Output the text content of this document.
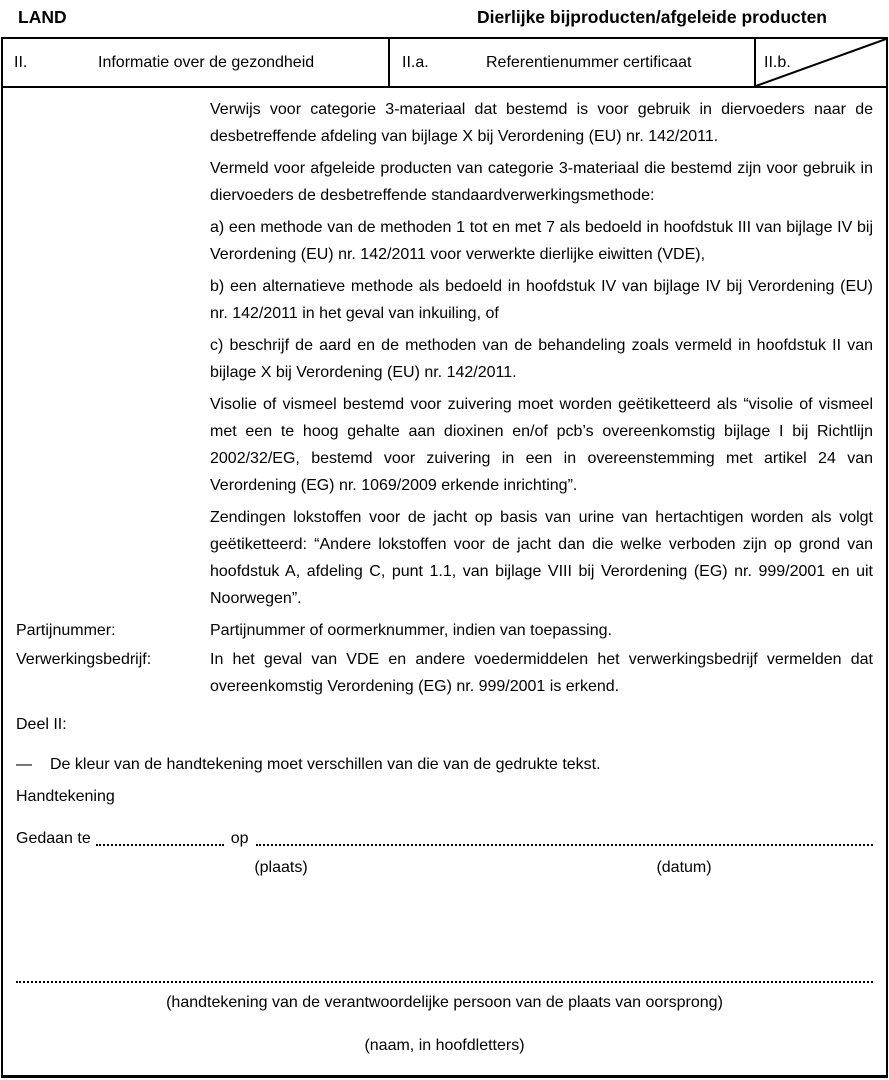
LAND	Dierlijke bijproducten/afgeleide producten
II.	Informatie over de gezondheid	II.a.	Referentienummer certificaat	II.b.

Verwijs voor categorie 3-materiaal dat bestemd is voor gebruik in diervoeders naar de desbetreffende afdeling van bijlage X bij Verordening (EU) nr. 142/2011.

Vermeld voor afgeleide producten van categorie 3-materiaal die bestemd zijn voor gebruik in diervoeders de desbetreffende standaardverwerkingsmethode:

a) een methode van de methoden 1 tot en met 7 als bedoeld in hoofdstuk III van bijlage IV bij Verordening (EU) nr. 142/2011 voor verwerkte dierlijke eiwitten (VDE),

b) een alternatieve methode als bedoeld in hoofdstuk IV van bijlage IV bij Verordening (EU) nr. 142/2011 in het geval van inkuiling, of

c) beschrijf de aard en de methoden van de behandeling zoals vermeld in hoofdstuk II van bijlage X bij Verordening (EU) nr. 142/2011.

Visolie of vismeel bestemd voor zuivering moet worden geëtiketteerd als “visolie of vismeel met een te hoog gehalte aan dioxinen en/of pcb’s overeenkomstig bijlage I bij Richtlijn 2002/32/EG, bestemd voor zuivering in een in overeenstemming met artikel 24 van Verordening (EG) nr. 1069/2009 erkende inrichting”.

Zendingen lokstoffen voor de jacht op basis van urine van hertachtigen worden als volgt geëtiketteerd: “Andere lokstoffen voor de jacht dan die welke verboden zijn op grond van hoofdstuk A, afdeling C, punt 1.1, van bijlage VIII bij Verordening (EG) nr. 999/2001 en uit Noorwegen”.

Partijnummer:	Partijnummer of oormerknummer, indien van toepassing.
Verwerkingsbedrijf:	In het geval van VDE en andere voedermiddelen het verwerkingsbedrijf vermelden dat overeenkomstig Verordening (EG) nr. 999/2001 is erkend.
Deel II:
—	De kleur van de handtekening moet verschillen van die van de gedrukte tekst.
Handtekening
Gedaan te	op
(plaats)	(datum)
(handtekening van de verantwoordelijke persoon van de plaats van oorsprong)
(naam, in hoofdletters)
